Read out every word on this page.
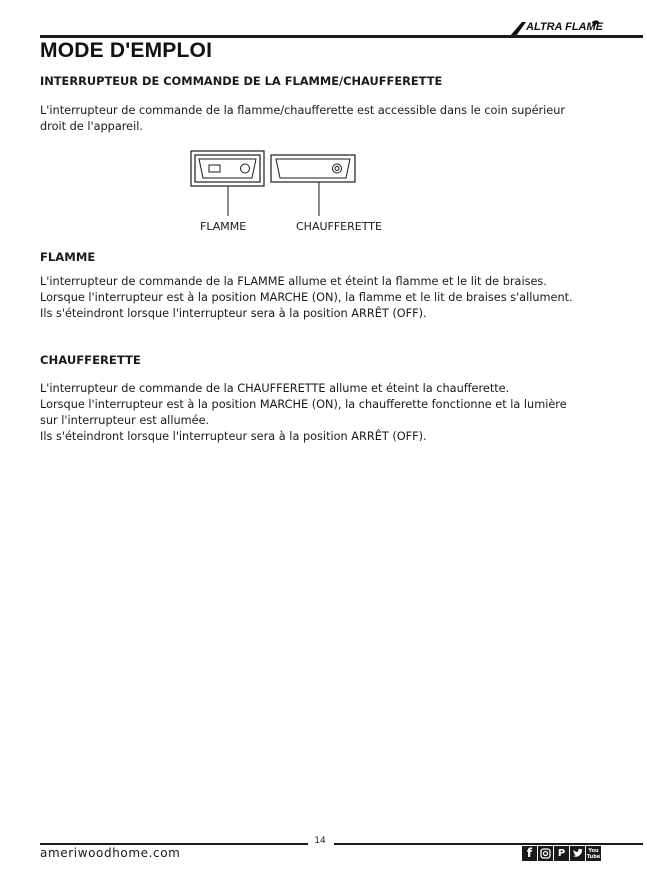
ALTRA FLAME
MODE D'EMPLOI
INTERRUPTEUR DE COMMANDE DE LA FLAMME/CHAUFFERETTE
L'interrupteur de commande de la flamme/chaufferette est accessible dans le coin supérieur
droit de l'appareil.
FLAMME	CHAUFFERETTE
FLAMME
L'interrupteur de commande de la FLAMME allume et éteint la flamme et le lit de braises.
Lorsque l'interrupteur est à la position MARCHE (ON), la flamme et le lit de braises s'allument.
Ils s'éteindront lorsque l'interrupteur sera à la position ARRÊT (OFF).
CHAUFFERETTE
L'interrupteur de commande de la CHAUFFERETTE allume et éteint la chaufferette.
Lorsque l'interrupteur est à la position MARCHE (ON), la chaufferette fonctionne et la lumière
sur l'interrupteur est allumée.
Ils s'éteindront lorsque l'interrupteur sera à la position ARRÊT (OFF).
14
ameriwoodhome.com	f	P	You Tube
